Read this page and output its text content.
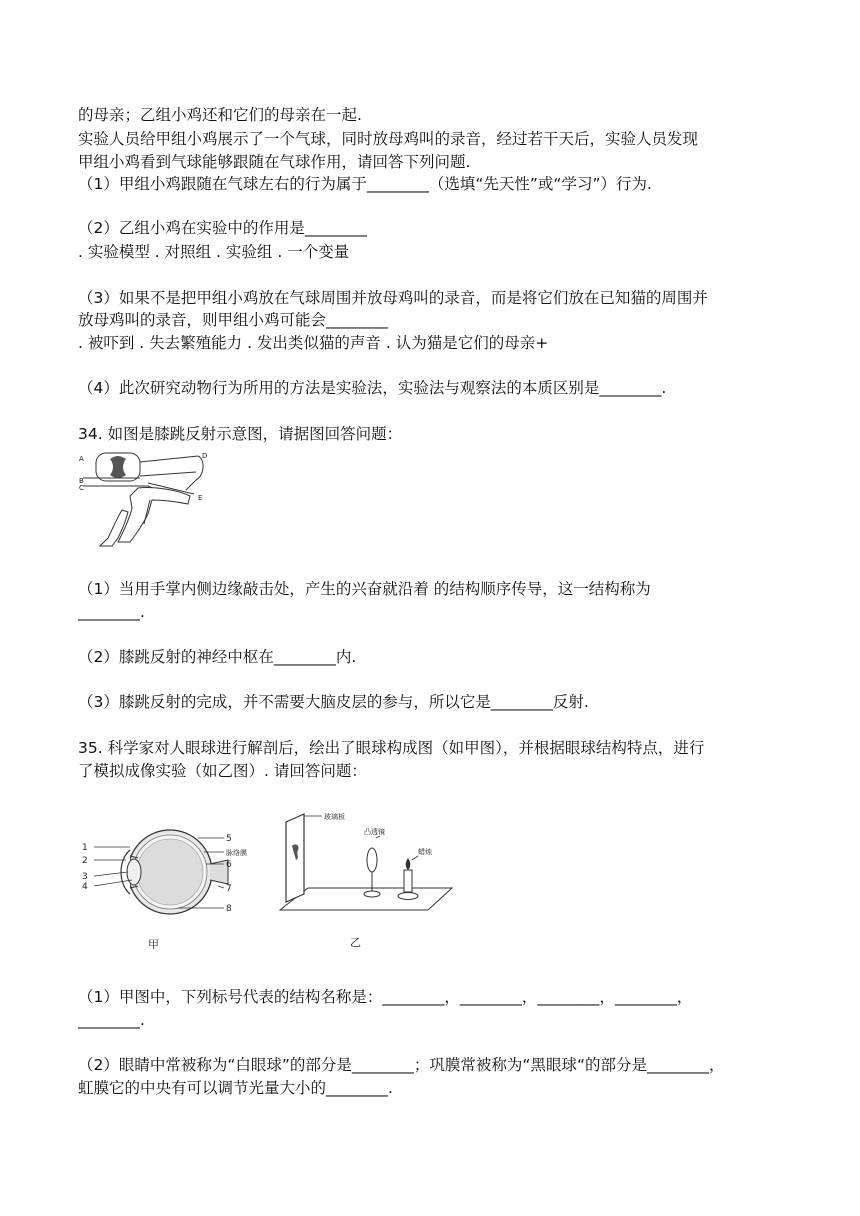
的母亲；乙组小鸡还和它们的母亲在一起.
实验人员给甲组小鸡展示了一个气球，同时放母鸡叫的录音，经过若干天后，实验人员发现
甲组小鸡看到气球能够跟随在气球作用，请回答下列问题.
（1）甲组小鸡跟随在气球左右的行为属于________（选填“先天性”或“学习”）行为.
（2）乙组小鸡在实验中的作用是________
. 实验模型 . 对照组 . 实验组 . 一个变量
（3）如果不是把甲组小鸡放在气球周围并放母鸡叫的录音，而是将它们放在已知猫的周围并
放母鸡叫的录音，则甲组小鸡可能会________
. 被吓到 . 失去繁殖能力 . 发出类似猫的声音 . 认为猫是它们的母亲+
（4）此次研究动物行为所用的方法是实验法，实验法与观察法的本质区别是________.
34. 如图是膝跳反射示意图，请据图回答问题：
A
B
C
D
E
（1）当用手掌内侧边缘敲击处，产生的兴奋就沿着 的结构顺序传导，这一结构称为
________.
（2）膝跳反射的神经中枢在________内.
（3）膝跳反射的完成，并不需要大脑皮层的参与，所以它是________反射.
35. 科学家对人眼球进行解剖后，绘出了眼球构成图（如甲图），并根据眼球结构特点，进行
了模拟成像实验（如乙图）. 请回答问题：
1
2
3
4
5
脉络膜
6
7
8
甲
玻璃板
凸透镜
蜡烛
乙
（1）甲图中，下列标号代表的结构名称是：________，________，________，________，
________.
（2）眼睛中常被称为“白眼球”的部分是________；巩膜常被称为“黑眼球“的部分是________，
虹膜它的中央有可以调节光量大小的________.
